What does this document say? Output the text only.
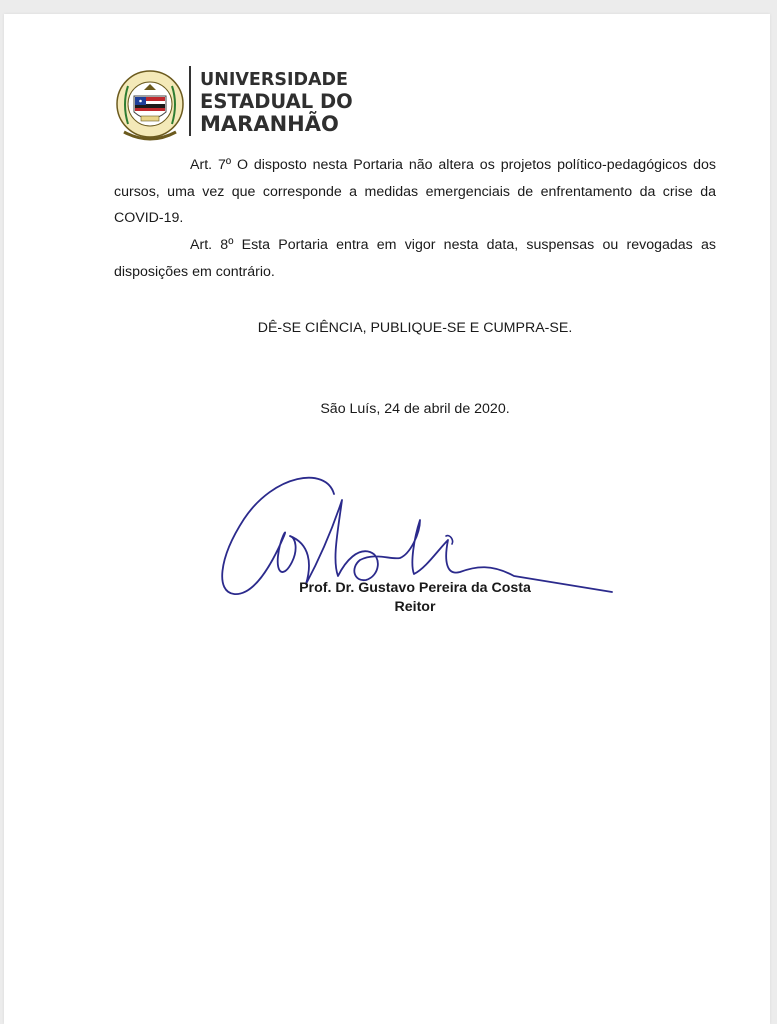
UNIVERSIDADE
ESTADUAL DO
MARANHÃO

Art. 7º O disposto nesta Portaria não altera os projetos político-pedagógicos dos cursos, uma vez que corresponde a medidas emergenciais de enfrentamento da crise da COVID-19.

Art. 8º Esta Portaria entra em vigor nesta data, suspensas ou revogadas as disposições em contrário.

DÊ-SE CIÊNCIA, PUBLIQUE-SE E CUMPRA-SE.
São Luís, 24 de abril de 2020.
Prof. Dr. Gustavo Pereira da Costa
Reitor
